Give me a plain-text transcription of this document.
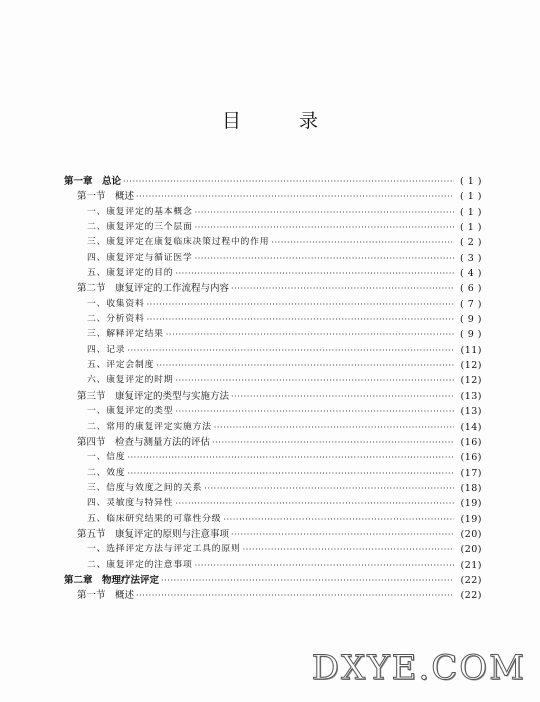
目 录
第一章　总论 ·····	( 1 )
第一节　概述 ·····	( 1 )
一、康复评定的基本概念 ·····	( 1 )
二、康复评定的三个层面 ·····	( 1 )
三、康复评定在康复临床决策过程中的作用 ·····	( 2 )
四、康复评定与循证医学 ·····	( 3 )
五、康复评定的目的 ·····	( 4 )
第二节　康复评定的工作流程与内容 ·····	( 6 )
一、收集资料 ·····	( 7 )
二、分析资料 ·····	( 9 )
三、解释评定结果 ·····	( 9 )
四、记录 ·····	(11)
五、评定会制度 ·····	(12)
六、康复评定的时期 ·····	(12)
第三节　康复评定的类型与实施方法 ·····	(13)
一、康复评定的类型 ·····	(13)
二、常用的康复评定实施方法 ·····	(14)
第四节　检查与测量方法的评估 ·····	(16)
一、信度 ·····	(16)
二、效度 ·····	(17)
三、信度与效度之间的关系 ·····	(18)
四、灵敏度与特异性 ·····	(19)
五、临床研究结果的可靠性分级 ·····	(19)
第五节　康复评定的原则与注意事项 ·····	(20)
一、选择评定方法与评定工具的原则 ·····	(20)
二、康复评定的注意事项 ·····	(21)
第二章　物理疗法评定 ·····	(22)
第一节　概述 ·····	(22)
DXYE.COM
